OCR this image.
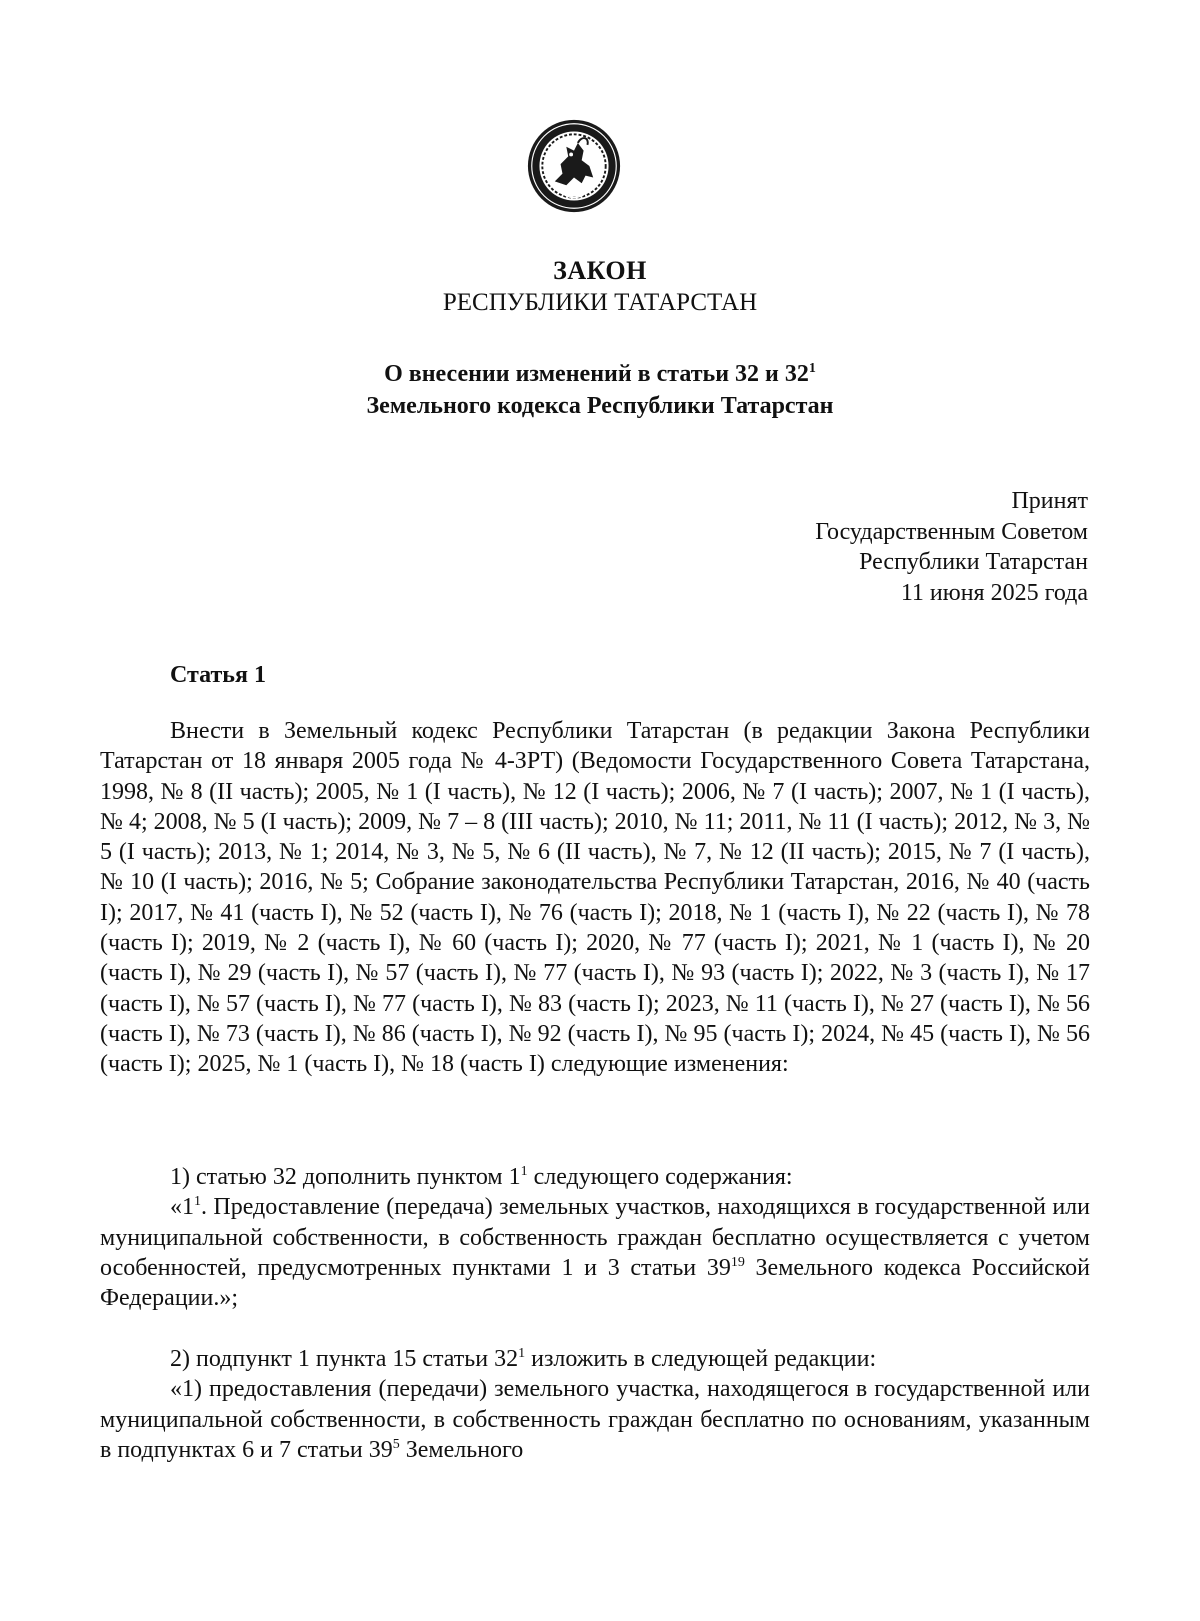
ЗАКОН
РЕСПУБЛИКИ ТАТАРСТАН
О внесении изменений в статьи 32 и $32^1$
Земельного кодекса Республики Татарстан
Принят
Государственным Советом
Республики Татарстан
11 июня 2025 года
Статья 1

Внести в Земельный кодекс Республики Татарстан (в редакции Закона Республики Татарстан от 18 января 2005 года № 4-ЗРТ) (Ведомости Государственного Совета Татарстана, 1998, № 8 (II часть); 2005, № 1 (I часть), № 12 (I часть); 2006, № 7 (I часть); 2007, № 1 (I часть), № 4; 2008, № 5 (I часть); 2009, № 7 – 8 (III часть); 2010, № 11; 2011, № 11 (I часть); 2012, № 3, № 5 (I часть); 2013, № 1; 2014, № 3, № 5, № 6 (II часть), № 7, № 12 (II часть); 2015, № 7 (I часть), № 10 (I часть); 2016, № 5; Собрание законодательства Республики Татарстан, 2016, № 40 (часть I); 2017, № 41 (часть I), № 52 (часть I), № 76 (часть I); 2018, № 1 (часть I), № 22 (часть I), № 78 (часть I); 2019, № 2 (часть I), № 60 (часть I); 2020, № 77 (часть I); 2021, № 1 (часть I), № 20 (часть I), № 29 (часть I), № 57 (часть I), № 77 (часть I), № 93 (часть I); 2022, № 3 (часть I), № 17 (часть I), № 57 (часть I), № 77 (часть I), № 83 (часть I); 2023, № 11 (часть I), № 27 (часть I), № 56 (часть I), № 73 (часть I), № 86 (часть I), № 92 (часть I), № 95 (часть I); 2024, № 45 (часть I), № 56 (часть I); 2025, № 1 (часть I), № 18 (часть I) следующие изменения:

1) статью 32 дополнить пунктом $1^1$ следующего содержания:

«$1^1$. Предоставление (передача) земельных участков, находящихся в государственной или муниципальной собственности, в собственность граждан бесплатно осуществляется с учетом особенностей, предусмотренных пунктами 1 и 3 статьи $39^{19}$ Земельного кодекса Российской Федерации.»;

2) подпункт 1 пункта 15 статьи $32^1$ изложить в следующей редакции:

«1) предоставления (передачи) земельного участка, находящегося в государственной или муниципальной собственности, в собственность граждан бесплатно по основаниям, указанным в подпунктах 6 и 7 статьи $39^5$ Земельного
